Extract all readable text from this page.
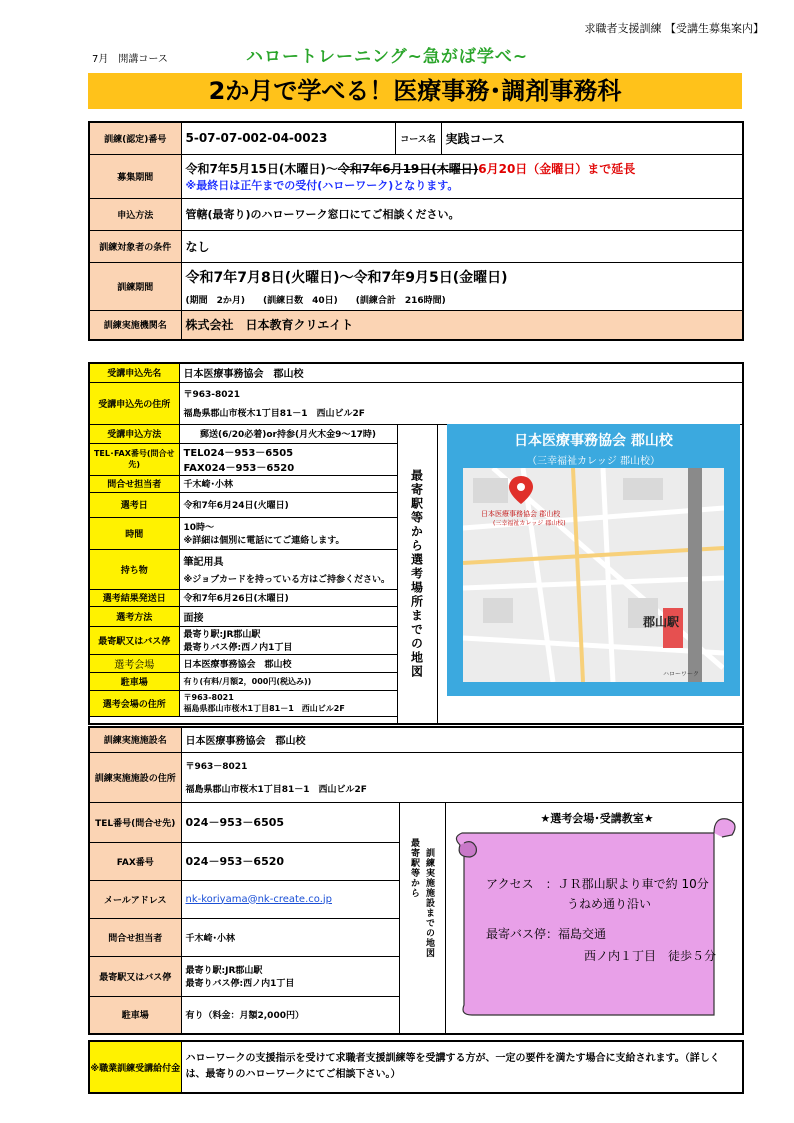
求職者支援訓練 【受講生募集案内】
7月　開講コース	ハロートレーニング~急がば学べ~
2か月で学べる！医療事務･調剤事務科
訓練(認定)番号	5-07-07-002-04-0023	コース名	実践コース
募集期間	令和7年5月15日(木曜日)～令和7年6月19日(木曜日)6月20日（金曜日）まで延長
※最終日は正午までの受付(ハローワーク)となります。		

申込方法	管轄(最寄り)のハローワーク窓口にてご相談ください。		
訓練対象者の条件	なし		
訓練期間	令和7年7月8日(火曜日)～令和7年9月5日(金曜日)
(期間　2か月)　　(訓練日数　40日)　　(訓練合計　216時間)		

訓練実施機関名	株式会社　日本教育クリエイト		
受講申込先名	日本医療事務協会　郡山校		
受講申込先の住所	〒963-8021
福島県郡山市桜木1丁目81－1　西山ビル2F		

受講申込方法	郵送(6/20必着)or持参(月火木金9～17時)	最寄駅等から選考場所までの地図	

TEL･FAX番号(問合せ先)	TEL024－953－6505
FAX024－953－6520		

問合せ担当者	千木崎･小林		
選考日	令和7年6月24日(火曜日)		
時間	10時～
※詳細は個別に電話にてご連絡します。		

持ち物	筆記用具
※ジョブカードを持っている方はご持参ください。		

選考結果発送日	令和7年6月26日(木曜日)		
選考方法	面接		
最寄駅又はバス停	最寄り駅:JR郡山駅
最寄りバス停:西ノ内1丁目		

選考会場	日本医療事務協会　郡山校		
駐車場	有り(有料/月額2，000円(税込み))		
選考会場の住所	〒963-8021
福島県郡山市桜木1丁目81－1　西山ビル2F		

日本医療事務協会 郡山校
（三幸福祉カレッジ 郡山校）
日本医療事務協会 郡山校
(三幸福祉カレッジ 郡山校)
郡山駅
ハローワーク
訓練実施施設名	日本医療事務協会　郡山校		
訓練実施施設の住所	〒963－8021
福島県郡山市桜木1丁目81－1　西山ビル2F		

TEL番号(問合せ先)	024－953－6505	最寄駅等から 訓練実施施設までの地図	

FAX番号	024－953－6520		
メールアドレス	nk-koriyama@nk-create.co.jp		
問合せ担当者	千木崎･小林		
最寄駅又はバス停	最寄り駅:JR郡山駅
最寄りバス停:西ノ内1丁目		

駐車場	有り（料金：月額2,000円）		
★選考会場･受講教室★
アクセス　：ＪＲ郡山駅より車で約 10分
うねめ通り沿い
最寄バス停：福島交通
西ノ内１丁目　徒歩５分
※職業訓練受講給付金	ハローワークの支援指示を受けて求職者支援訓練等を受講する方が、一定の要件を満たす場合に支給されます。（詳しくは、最寄りのハローワークにてご相談下さい。）
